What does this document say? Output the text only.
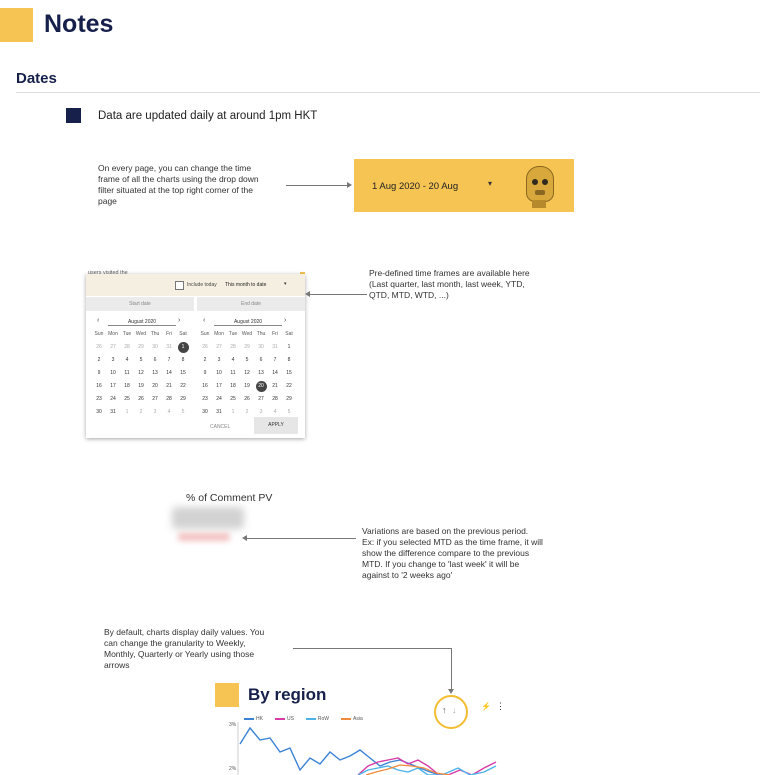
Notes
Dates
Data are updated daily at around 1pm HKT
On every page, you can change the time
frame of all the charts using the drop down
filter situated at the top right corner of the
page
1 Aug 2020 - 20 Aug	▾
users visited the
Include today This month to date	▾
Start date	End date
‹	August 2020	›
Sun Mon Tue Wed Thu	Fri	Sat
26	27	28	29	30	31	1
2	3	4	5	6	7	8
9	10	11	12	13	14	15
16	17	18	19	20	21	22
23	24	25	26	27	28	29
30	31	1	2	3	4	5
‹	August 2020	›
Sun Mon Tue Wed Thu	Fri	Sat
26	27	28	29	30	31	1
2	3	4	5	6	7	8
9	10	11	12	13	14	15
16	17	18	19	20	21	22
23	24	25	26	27	28	29
30	31	1	2	3	4	5
CANCEL	APPLY
Pre-defined time frames are available here
(Last quarter, last month, last week, YTD,
QTD, MTD, WTD, ...)
% of Comment PV
Variations are based on the previous period.
Ex: if you selected MTD as the time frame, it will
show the difference compare to the previous
MTD. If you change to 'last week' it will be
against to '2 weeks ago'
By default, charts display daily values. You
can change the granularity to Weekly,
Monthly, Quarterly or Yearly using those
arrows
By region
↑ ↓	⚡ ⋮
HK	US	RoW	Asia
3%
2%
